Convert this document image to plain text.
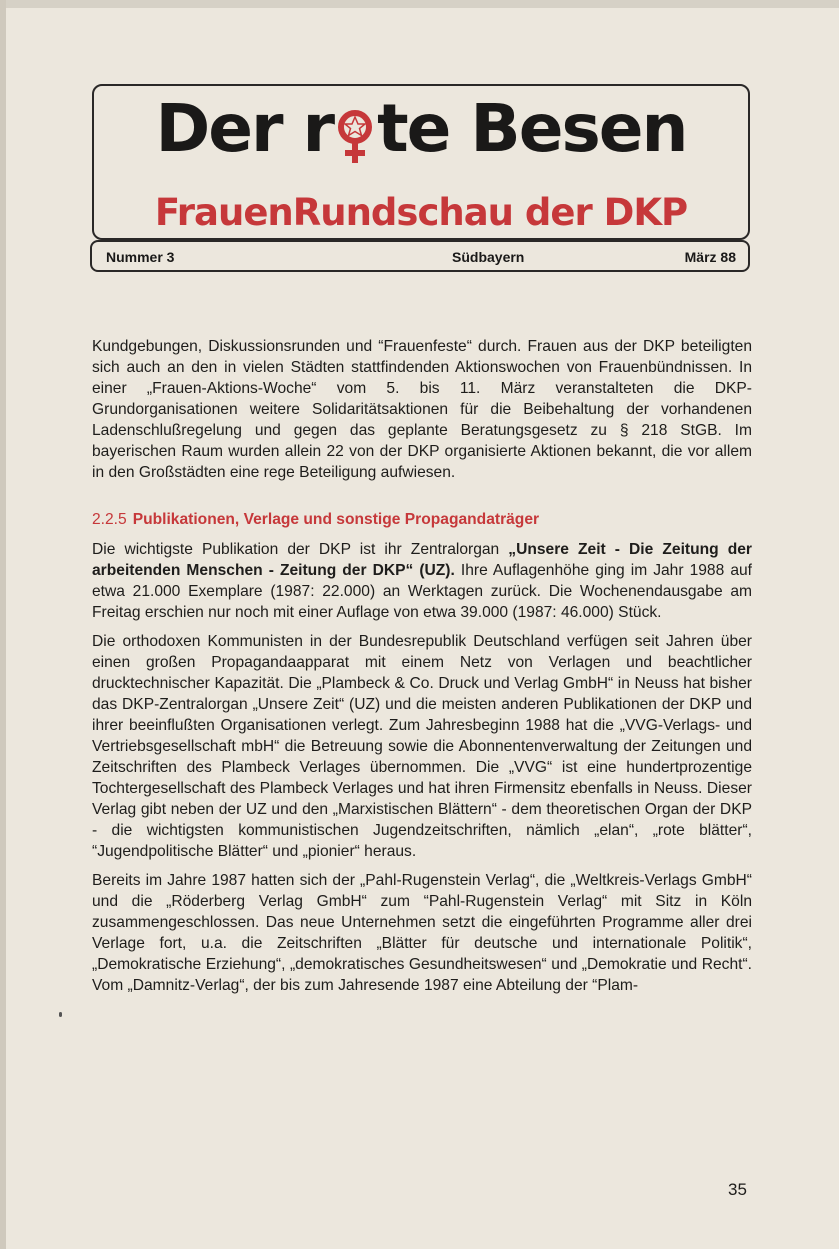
Der r te Besen
FrauenRundschau der DKP
Nummer 3	Südbayern	März 88

Kundgebungen, Diskussionsrunden und “Frauenfeste“ durch. Frauen aus der DKP beteiligten sich auch an den in vielen Städten stattfindenden Aktionswochen von Frauenbündnissen. In einer „Frauen-Aktions-Woche“ vom 5. bis 11. März veranstalteten die DKP-Grundorganisationen weitere Solidaritätsaktionen für die Beibehaltung der vorhandenen Ladenschlußregelung und gegen das geplante Beratungsgesetz zu § 218 StGB. Im bayerischen Raum wurden allein 22 von der DKP organisierte Aktionen bekannt, die vor allem in den Großstädten eine rege Beteiligung aufwiesen.

2.2.5 Publikationen, Verlage und sonstige Propagandaträger

Die wichtigste Publikation der DKP ist ihr Zentralorgan „Unsere Zeit - Die Zeitung der arbeitenden Menschen - Zeitung der DKP“ (UZ). Ihre Auflagenhöhe ging im Jahr 1988 auf etwa 21.000 Exemplare (1987: 22.000) an Werktagen zurück. Die Wochenendausgabe am Freitag erschien nur noch mit einer Auflage von etwa 39.000 (1987: 46.000) Stück.

Die orthodoxen Kommunisten in der Bundesrepublik Deutschland verfügen seit Jahren über einen großen Propagandaapparat mit einem Netz von Verlagen und beachtlicher drucktechnischer Kapazität. Die „Plambeck & Co. Druck und Verlag GmbH“ in Neuss hat bisher das DKP-Zentralorgan „Unsere Zeit“ (UZ) und die meisten anderen Publikationen der DKP und ihrer beeinflußten Organisationen verlegt. Zum Jahresbeginn 1988 hat die „VVG-Verlags- und Vertriebsgesellschaft mbH“ die Betreuung sowie die Abonnentenverwaltung der Zeitungen und Zeitschriften des Plambeck Verlages übernommen. Die „VVG“ ist eine hundertprozentige Tochtergesellschaft des Plambeck Verlages und hat ihren Firmensitz ebenfalls in Neuss. Dieser Verlag gibt neben der UZ und den „Marxistischen Blättern“ - dem theoretischen Organ der DKP - die wichtigsten kommunistischen Jugendzeitschriften, nämlich „elan“, „rote blätter“, “Jugendpolitische Blätter“ und „pionier“ heraus.

Bereits im Jahre 1987 hatten sich der „Pahl-Rugenstein Verlag“, die „Weltkreis-Verlags GmbH“ und die „Röderberg Verlag GmbH“ zum “Pahl-Rugenstein Verlag“ mit Sitz in Köln zusammengeschlossen. Das neue Unternehmen setzt die eingeführten Programme aller drei Verlage fort, u.a. die Zeitschriften „Blätter für deutsche und internationale Politik“, „Demokratische Erziehung“, „demokratisches Gesundheitswesen“ und „Demokratie und Recht“. Vom „Damnitz-Verlag“, der bis zum Jahresende 1987 eine Abteilung der “Plam-

35
